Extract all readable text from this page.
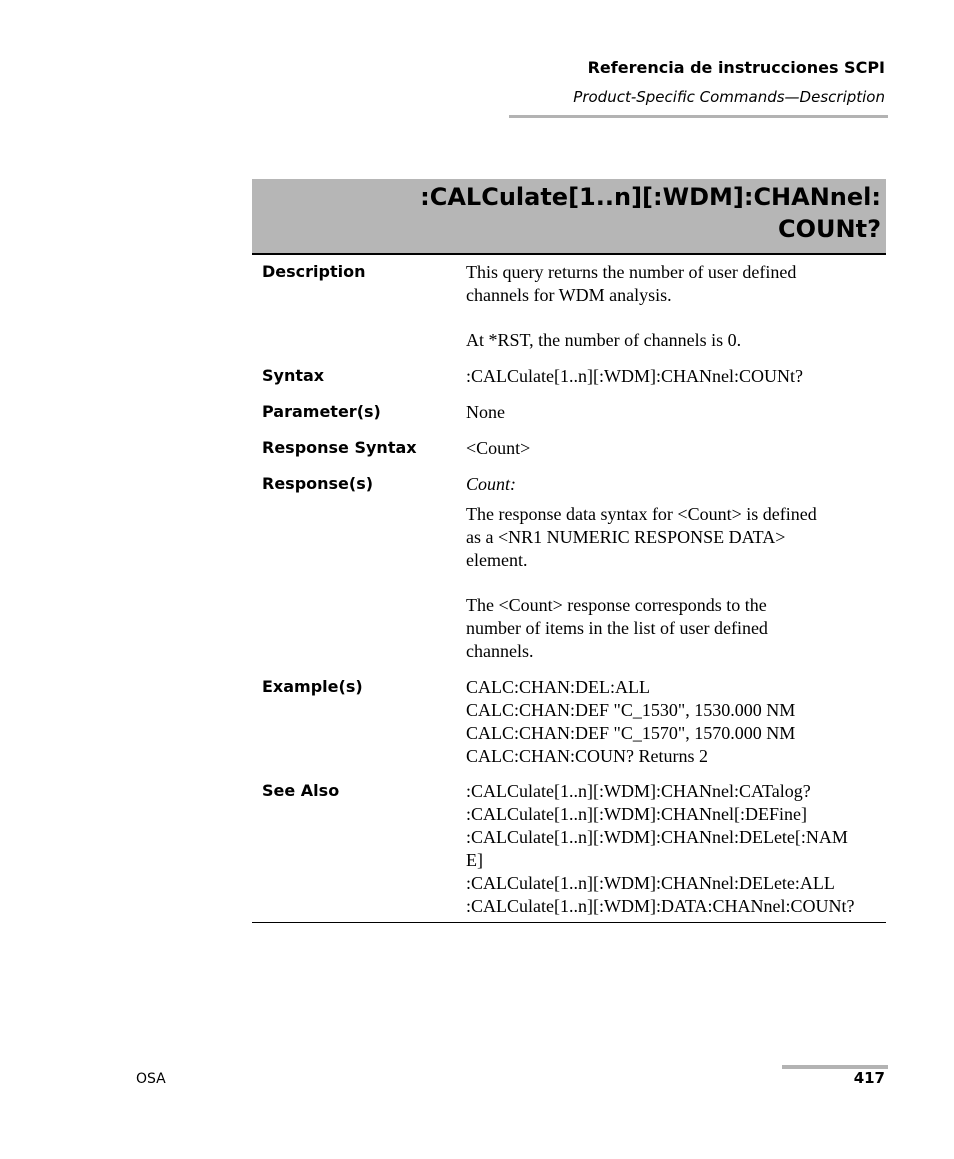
Referencia de instrucciones SCPI
Product-Specific Commands—Description
:CALCulate[1..n][:WDM]:CHANnel:
COUNt?
Description	This query returns the number of user defined

channels for WDM analysis.

At *RST, the number of channels is 0.

Syntax	:CALCulate[1..n][:WDM]:CHANnel:COUNt?

Parameter(s)	None

Response Syntax	<Count>

Response(s)	Count:

The response data syntax for <Count> is defined

as a <NR1 NUMERIC RESPONSE DATA>

element.

The <Count> response corresponds to the

number of items in the list of user defined

channels.

Example(s)	CALC:CHAN:DEL:ALL

CALC:CHAN:DEF "C_1530", 1530.000 NM

CALC:CHAN:DEF "C_1570", 1570.000 NM

CALC:CHAN:COUN? Returns 2

See Also	:CALCulate[1..n][:WDM]:CHANnel:CATalog?

:CALCulate[1..n][:WDM]:CHANnel[:DEFine]

:CALCulate[1..n][:WDM]:CHANnel:DELete[:NAM

E]

:CALCulate[1..n][:WDM]:CHANnel:DELete:ALL

:CALCulate[1..n][:WDM]:DATA:CHANnel:COUNt?

OSA	417
